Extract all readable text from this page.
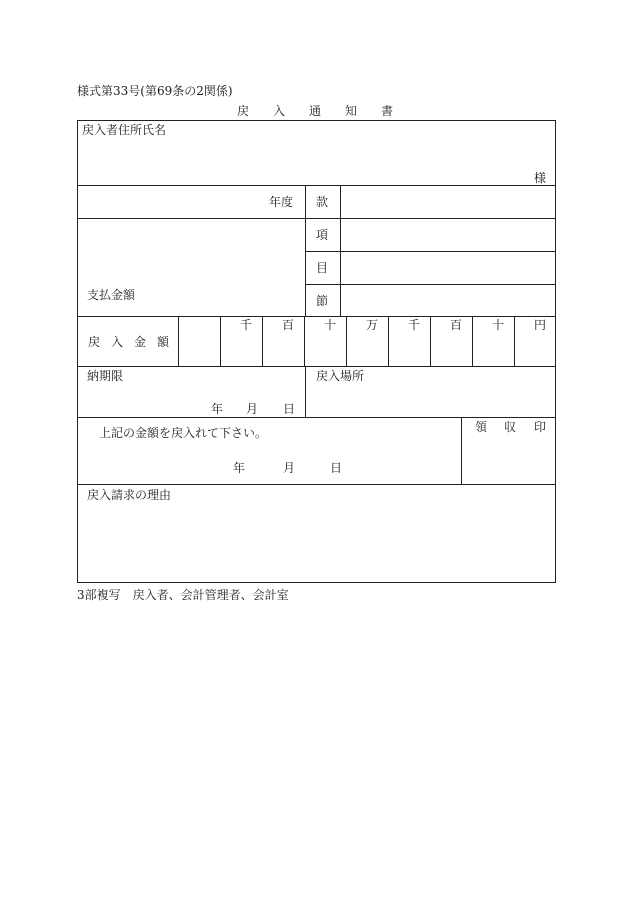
様式第33号(第69条の2関係)
戻 入 通 知 書
戻入者住所氏名
様
年度 款
項
目
節
支払金額
戻 入 金 額
千 百 十 万 千 百 十 円
納期限
年 月 日
戻入場所
上記の金額を戻入れて下さい。
年	月	日
領 収 印
戻入請求の理由
3部複写　戻入者、会計管理者、会計室
